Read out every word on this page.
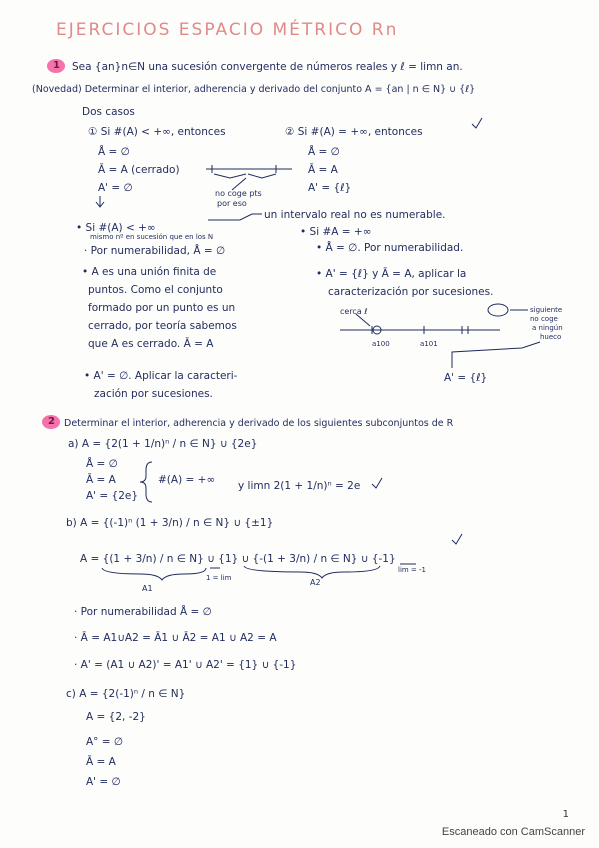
EJERCICIOS ESPACIO MÉTRICO Rn
1 Sea {an}n∈N una sucesión convergente de números reales y ℓ = limn an.
(Novedad) Determinar el interior, adherencia y derivado del conjunto A = {an | n ∈ N} ∪ {ℓ}
Dos casos
① Si #(A) < +∞, entonces
Å = ∅
Ā = A (cerrado)
A' = ∅	no coge pts
por eso
② Si #(A) = +∞, entonces
Å = ∅
Ā = A
A' = {ℓ}
un intervalo real no es numerable.
• Si #(A) < +∞
mismo nº en sucesión que en los N
· Por numerabilidad, Å = ∅
• A es una unión finita de
puntos. Como el conjunto
formado por un punto es un
cerrado, por teoría sabemos
que A es cerrado. Ā = A
• A' = ∅. Aplicar la caracteri-
zación por sucesiones.
• Si #A = +∞
• Å = ∅. Por numerabilidad.
• A' = {ℓ} y Ā = A, aplicar la
caracterización por sucesiones.
cerca ℓ
a100	a101
siguiente
no coge
a ningún
hueco
A' = {ℓ}
2 Determinar el interior, adherencia y derivado de los siguientes subconjuntos de R
a) A = {2(1 + 1/n)ⁿ / n ∈ N} ∪ {2e}
Å = ∅
Ā = A
A' = {2e}
#(A) = +∞ y limn 2(1 + 1/n)ⁿ = 2e
b) A = {(-1)ⁿ (1 + 3/n) / n ∈ N} ∪ {±1}
A = {(1 + 3/n) / n ∈ N} ∪ {1} ∪ {-(1 + 3/n) / n ∈ N} ∪ {-1}
A1
1 = lim	A2
lim = -1
· Por numerabilidad Å = ∅
· Ā = A1∪A2 = Ā1 ∪ Ā2 = A1 ∪ A2 = A
· A' = (A1 ∪ A2)' = A1' ∪ A2' = {1} ∪ {-1}
c) A = {2(-1)ⁿ / n ∈ N}
A = {2, -2}
A° = ∅
Ā = A
A' = ∅
1
Escaneado con CamScanner
